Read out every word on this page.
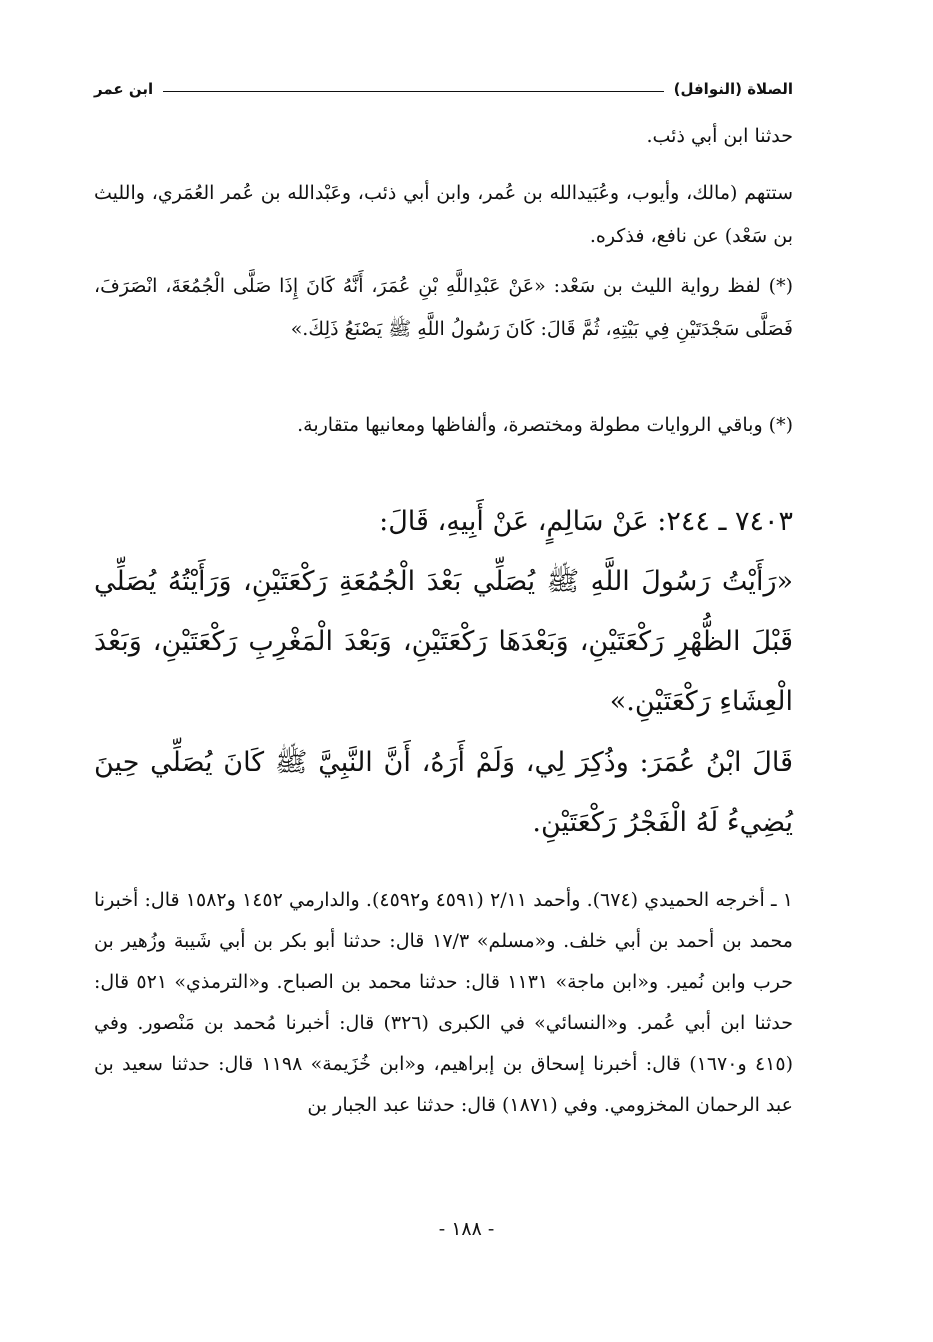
الصلاة (النوافل)
ابن عمر
حدثنا ابن أبي ذئب.
ستتهم (مالك، وأيوب، وعُبَيدالله بن عُمر، وابن أبي ذئب، وعَبْدالله بن عُمر العُمَري، والليث بن سَعْد) عن نافع، فذكره.
(*) لفظ رواية الليث بن سَعْد: «عَنْ عَبْدِاللَّهِ بْنِ عُمَرَ، أَنَّهُ كَانَ إِذَا صَلَّى الْجُمُعَةَ، انْصَرَفَ، فَصَلَّى سَجْدَتَيْنِ فِي بَيْتِهِ، ثُمَّ قَالَ: كَانَ رَسُولُ اللَّهِ ﷺ يَصْنَعُ ذَلِكَ.»
(*) وباقي الروايات مطولة ومختصرة، وألفاظها ومعانيها متقاربة.
٧٤٠٣ ـ ٢٤٤: عَنْ سَالِمٍ، عَنْ أَبِيهِ، قَالَ:
«رَأَيْتُ رَسُولَ اللَّهِ ﷺ يُصَلِّي بَعْدَ الْجُمُعَةِ رَكْعَتَيْنِ، وَرَأَيْتُهُ يُصَلِّي قَبْلَ الظُّهْرِ رَكْعَتَيْنِ، وَبَعْدَهَا رَكْعَتَيْنِ، وَبَعْدَ الْمَغْرِبِ رَكْعَتَيْنِ، وَبَعْدَ الْعِشَاءِ رَكْعَتَيْنِ.»
قَالَ ابْنُ عُمَرَ: وذُكِرَ لِي، وَلَمْ أَرَهُ، أَنَّ النَّبِيَّ ﷺ كَانَ يُصَلِّي حِينَ يُضِيءُ لَهُ الْفَجْرُ رَكْعَتَيْنِ.
١ ـ أخرجه الحميدي (٦٧٤). وأحمد ٢/١١ (٤٥٩١ و٤٥٩٢). والدارمي ١٤٥٢ و١٥٨٢ قال: أخبرنا محمد بن أحمد بن أبي خلف. و«مسلم» ١٧/٣ قال: حدثنا أبو بكر بن أبي شَيبة وزُهير بن حرب وابن نُمير. و«ابن ماجة» ١١٣١ قال: حدثنا محمد بن الصباح. و«الترمذي» ٥٢١ قال: حدثنا ابن أبي عُمر. و«النسائي» في الكبرى (٣٢٦) قال: أخبرنا مُحمد بن مَنْصور. وفي (٤١٥ و١٦٧٠) قال: أخبرنا إسحاق بن إبراهيم، و«ابن خُزَيمة» ١١٩٨ قال: حدثنا سعيد بن عبد الرحمان المخزومي. وفي (١٨٧١) قال: حدثنا عبد الجبار بن
- ١٨٨ -
